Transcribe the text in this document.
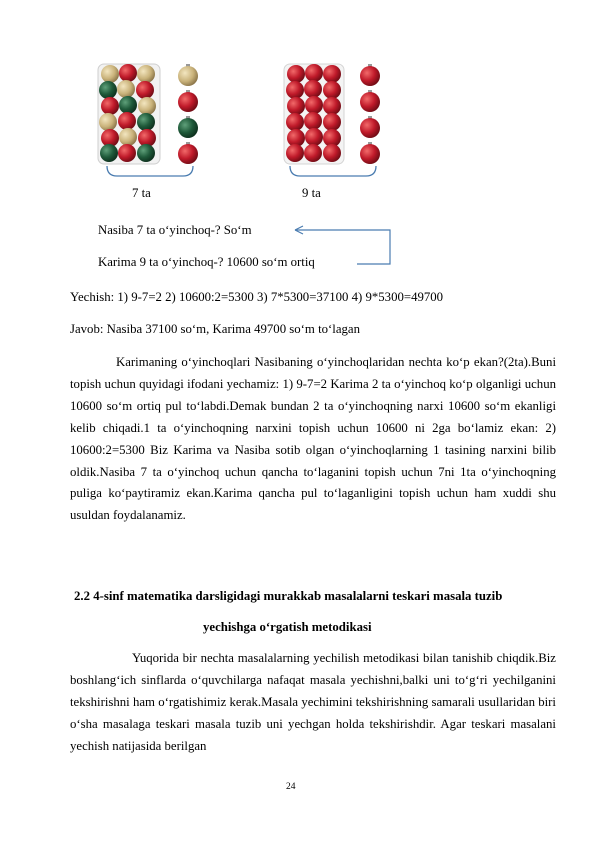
7 ta	9 ta
Nasiba 7 ta o‘yinchoq-? So‘m
Karima 9 ta o‘yinchoq-? 10600 so‘m ortiq
Yechish: 1) 9-7=2 2) 10600:2=5300 3) 7*5300=37100 4) 9*5300=49700
Javob: Nasiba 37100 so‘m, Karima 49700 so‘m to‘lagan
Karimaning o‘yinchoqlari Nasibaning o‘yinchoqlaridan nechta ko‘p ekan?(2ta).Buni topish uchun quyidagi ifodani yechamiz: 1) 9-7=2 Karima 2 ta o‘yinchoq ko‘p olganligi uchun 10600 so‘m ortiq pul to‘labdi.Demak bundan 2 ta o‘yinchoqning narxi 10600 so‘m ekanligi kelib chiqadi.1 ta o‘yinchoqning narxini topish uchun 10600 ni 2ga bo‘lamiz ekan: 2) 10600:2=5300 Biz Karima va Nasiba sotib olgan o‘yinchoqlarning 1 tasining narxini bilib oldik.Nasiba 7 ta o‘yinchoq uchun qancha to‘laganini topish uchun 7ni 1ta o‘yinchoqning puliga ko‘paytiramiz ekan.Karima qancha pul to‘laganligini topish uchun ham xuddi shu usuldan foydalanamiz.
2.2 4-sinf matematika darsligidagi murakkab masalalarni teskari masala tuzib
yechishga o‘rgatish metodikasi
Yuqorida bir nechta masalalarning yechilish metodikasi bilan tanishib chiqdik.Biz boshlang‘ich sinflarda o‘quvchilarga nafaqat masala yechishni,balki uni to‘g‘ri yechilganini tekshirishni ham o‘rgatishimiz kerak.Masala yechimini tekshirishning samarali usullaridan biri o‘sha masalaga teskari masala tuzib uni yechgan holda tekshirishdir. Agar teskari masalani yechish natijasida berilgan
24
